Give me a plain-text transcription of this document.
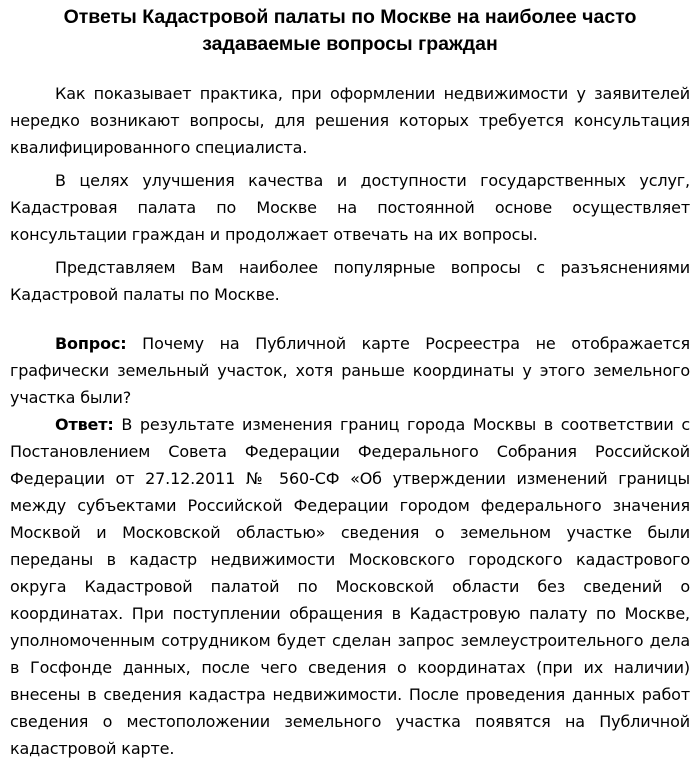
Ответы Кадастровой палаты по Москве на наиболее часто задаваемые вопросы граждан

Как показывает практика, при оформлении недвижимости у заявителей нередко возникают вопросы, для решения которых требуется консультация квалифицированного специалиста.

В целях улучшения качества и доступности государственных услуг, Кадастровая палата по Москве на постоянной основе осуществляет консультации граждан и продолжает отвечать на их вопросы.

Представляем Вам наиболее популярные вопросы с разъяснениями Кадастровой палаты по Москве.

Вопрос: Почему на Публичной карте Росреестра не отображается графически земельный участок, хотя раньше координаты у этого земельного участка были?

Ответ: В результате изменения границ города Москвы в соответствии с Постановлением Совета Федерации Федерального Собрания Российской Федерации от 27.12.2011 № 560-СФ «Об утверждении изменений границы между субъектами Российской Федерации городом федерального значения Москвой и Московской областью» сведения о земельном участке были переданы в кадастр недвижимости Московского городского кадастрового округа Кадастровой палатой по Московской области без сведений о координатах. При поступлении обращения в Кадастровую палату по Москве, уполномоченным сотрудником будет сделан запрос землеустроительного дела в Госфонде данных, после чего сведения о координатах (при их наличии) внесены в сведения кадастра недвижимости. После проведения данных работ сведения о местоположении земельного участка появятся на Публичной кадастровой карте.
